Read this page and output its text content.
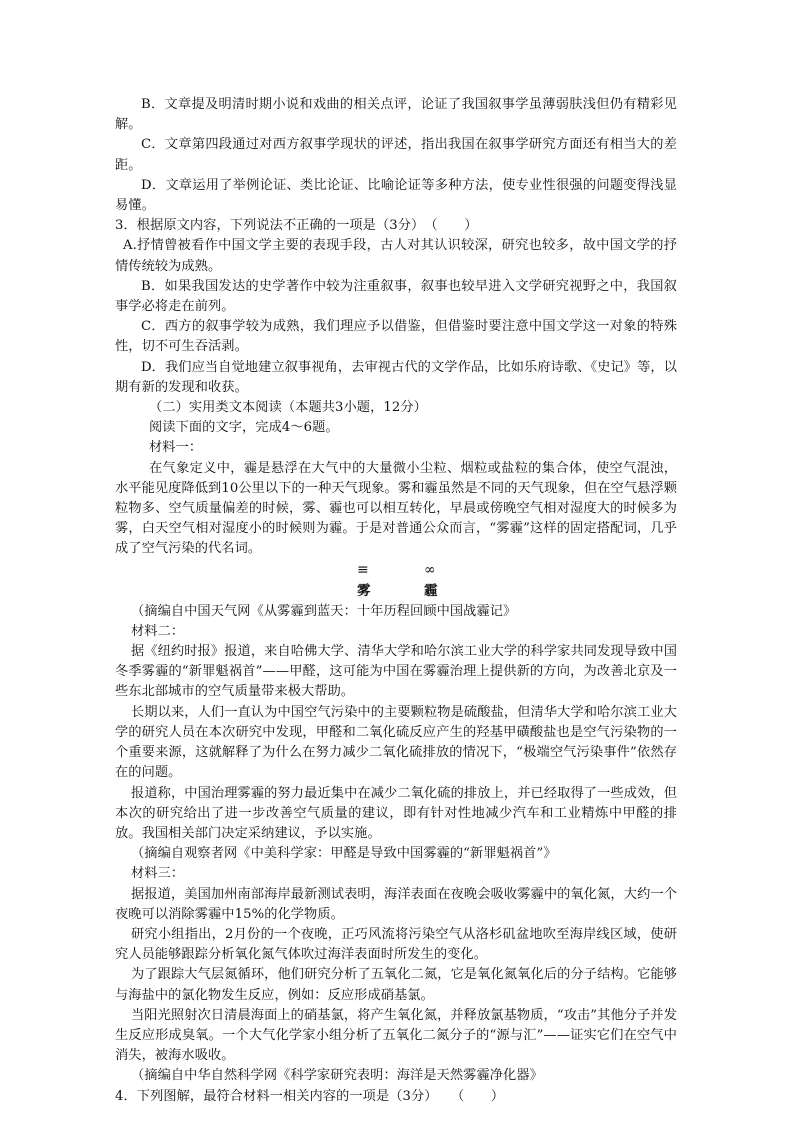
B．文章提及明清时期小说和戏曲的相关点评，论证了我国叙事学虽薄弱肤浅但仍有精彩见解。

C．文章第四段通过对西方叙事学现状的评述，指出我国在叙事学研究方面还有相当大的差距。

D．文章运用了举例论证、类比论证、比喻论证等多种方法，使专业性很强的问题变得浅显易懂。

3．根据原文内容，下列说法不正确的一项是（3分）　（　　）

A.抒情曾被看作中国文学主要的表现手段，古人对其认识较深，研究也较多，故中国文学的抒情传统较为成熟。

B．如果我国发达的史学著作中较为注重叙事，叙事也较早进入文学研究视野之中，我国叙事学必将走在前列。

C．西方的叙事学较为成熟，我们理应予以借鉴，但借鉴时要注意中国文学这一对象的特殊性，切不可生吞活剥。

D．我们应当自觉地建立叙事视角，去审视古代的文学作品，比如乐府诗歌、《史记》等，以期有新的发现和收获。

（二）实用类文本阅读（本题共3小题，12分）

阅读下面的文字，完成4～6题。

材料一：

在气象定义中，霾是悬浮在大气中的大量微小尘粒、烟粒或盐粒的集合体，使空气混浊，水平能见度降低到10公里以下的一种天气现象。雾和霾虽然是不同的天气现象，但在空气悬浮颗粒物多、空气质量偏差的时候，雾、霾也可以相互转化，早晨或傍晚空气相对湿度大的时候多为雾，白天空气相对湿度小的时候则为霾。于是对普通公众而言，“雾霾”这样的固定搭配词，几乎成了空气污染的代名词。

≡	∞
雾	霾

（摘编自中国天气网《从雾霾到蓝天：十年历程回顾中国战霾记》

材料二：

据《纽约时报》报道，来自哈佛大学、清华大学和哈尔滨工业大学的科学家共同发现导致中国冬季雾霾的“新罪魁祸首”——甲醛，这可能为中国在雾霾治理上提供新的方向，为改善北京及一些东北部城市的空气质量带来极大帮助。

长期以来，人们一直认为中国空气污染中的主要颗粒物是硫酸盐，但清华大学和哈尔滨工业大学的研究人员在本次研究中发现，甲醛和二氧化硫反应产生的羟基甲磺酸盐也是空气污染物的一个重要来源，这就解释了为什么在努力减少二氧化硫排放的情况下，“极端空气污染事件”依然存在的问题。

报道称，中国治理雾霾的努力最近集中在减少二氧化硫的排放上，并已经取得了一些成效，但本次的研究给出了进一步改善空气质量的建议，即有针对性地减少汽车和工业精炼中甲醛的排放。我国相关部门决定采纳建议，予以实施。

（摘编自观察者网《中美科学家：甲醛是导致中国雾霾的“新罪魁祸首”》

材料三：

据报道，美国加州南部海岸最新测试表明，海洋表面在夜晚会吸收雾霾中的氧化氮，大约一个夜晚可以消除雾霾中15%的化学物质。

研究小组指出，2月份的一个夜晚，正巧风流将污染空气从洛杉矶盆地吹至海岸线区域，使研究人员能够跟踪分析氧化氮气体吹过海洋表面时所发生的变化。

为了跟踪大气层氮循环，他们研究分析了五氧化二氮，它是氧化氮氧化后的分子结构。它能够与海盐中的氯化物发生反应，例如：反应形成硝基氯。

当阳光照射次日清晨海面上的硝基氯，将产生氧化氮，并释放氯基物质，“攻击”其他分子并发生反应形成臭氧。一个大气化学家小组分析了五氧化二氮分子的“源与汇”——证实它们在空气中消失，被海水吸收。

（摘编自中华自然科学网《科学家研究表明：海洋是天然雾霾净化器》

4．下列图解，最符合材料一相关内容的一项是（3分）　　（　　）
